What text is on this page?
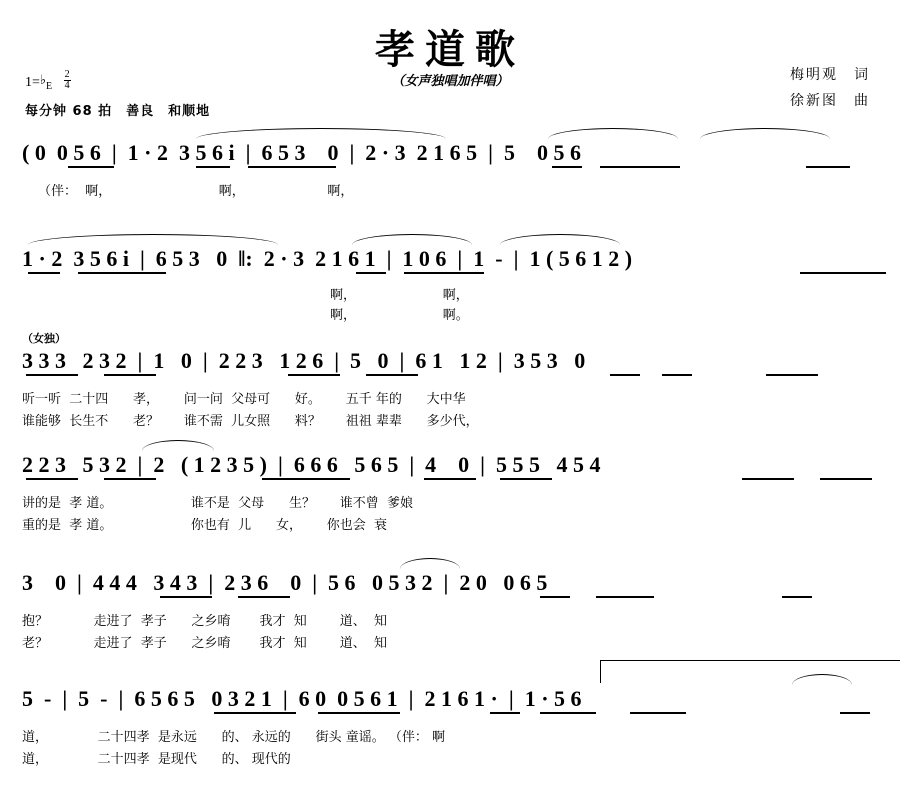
孝道歌
（女声独唱加伴唱）	梅明观　词
徐新图　曲
$1=♭_E \frac{2}{4}$
每分钟 68 拍　善良　和顺地
( 0  0 5 6  |  1 · 2  3 5 6 i  |  6 5 3    0  |  2 · 3  2 1 6 5  |  5    0 5 6
（伴：  啊，                          啊，                    啊，
1 · 2  3 5 6 i  |  6 5 3   0  ‖:  2 · 3  2 1 6 1  |  1 0 6  |  1  -  |  1 ( 5 6 1 2 )
啊，                     啊，
啊，                     啊。
（女独）
3 3 3   2 3 2  |  1   0  |  2 2 3   1 2 6  |  5   0  |  6 1   1 2  |  3 5 3   0
听一听  二十四      孝，      问一问  父母可      好。      五千 年的      大中华
谁能够  长生不      老？      谁不需  儿女照      料？      祖祖 辈辈      多少代，
2 2 3   5 3 2  |  2   ( 1 2 3 5 )  |  6 6 6   5 6 5  |  4    0  |  5 5 5   4 5 4
讲的是  孝 道。                   谁不是  父母      生？      谁不曾  爹娘
重的是  孝 道。                   你也有  儿      女，      你也会  衰
3    0  |  4 4 4   3 4 3  |  2 3 6    0  |  5 6   0 5 3 2  |  2 0   0 6 5
抱？           走进了  孝子      之乡唷       我才  知        道、  知
老？           走进了  孝子      之乡唷       我才  知        道、  知
5  -  |  5  -  |  6 5 6 5   0 3 2 1  |  6 0  0 5 6 1  |  2 1 6 1 ·  |  1 · 5 6
道，            二十四孝  是永远      的、 永远的      街头 童谣。 （伴： 啊
道，            二十四孝  是现代      的、 现代的
